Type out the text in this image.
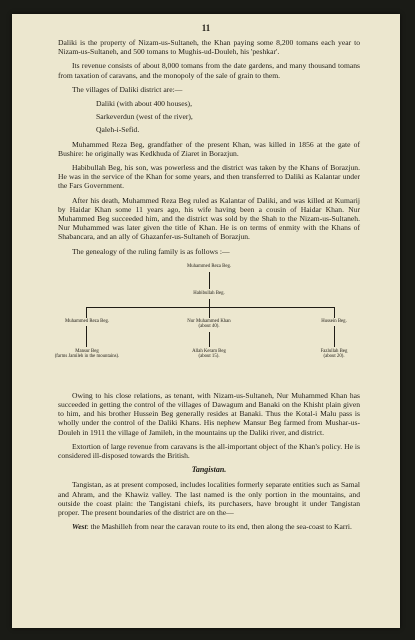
11

Daliki is the property of Nizam-us-Sultaneh, the Khan paying some 8,200 tomans each year to Nizam-us-Sultaneh, and 500 tomans to Mughis-ud-Douleh, his 'peshkar'.

Its revenue consists of about 8,000 tomans from the date gardens, and many thousand tomans from taxation of caravans, and the monopoly of the sale of grain to them.

The villages of Daliki district are:—

Daliki (with about 400 houses),
Sarkeverdun (west of the river),
Qaleh-i-Sefid.

Muhammed Reza Beg, grandfather of the present Khan, was killed in 1856 at the gate of Bushire: he originally was Kedkhuda of Ziaret in Borazjun.

Habibullah Beg, his son, was powerless and the district was taken by the Khans of Borazjun. He was in the service of the Khan for some years, and then transferred to Daliki as Kalantar under the Fars Government.

After his death, Muhammed Reza Beg ruled as Kalantar of Daliki, and was killed at Kumarij by Haidar Khan some 11 years ago, his wife having been a cousin of Haidar Khan. Nur Muhammed Beg succeeded him, and the district was sold by the Shah to the Nizam-us-Sultaneh. Nur Muhammed was later given the title of Khan. He is on terms of enmity with the Khans of Shabancara, and an ally of Ghazanfer-us-Sultaneh of Borazjun.

The genealogy of the ruling family is as follows :—

Muhammed Reza Beg.
Habibullah Beg.
Muhammed Reza Beg.	Nur Muhammed Khan
(about 40).
Hussein Beg.
Mansur Beg
(farms Jamileh in the mountains).
Allah Keram Beg
(about 15).
Fazlullah Beg
(about 20).

Owing to his close relations, as tenant, with Nizam-us-Sultaneh, Nur Muhammed Khan has succeeded in getting the control of the villages of Dawagum and Banaki on the Khisht plain given to him, and his brother Hussein Beg generally resides at Banaki. Thus the Kotal-i Malu pass is wholly under the control of the Daliki Khans. His nephew Mansur Beg farmed from Mushar-us-Douleh in 1911 the village of Jamileh, in the mountains up the Daliki river, and district.

Extortion of large revenue from caravans is the all-important object of the Khan's policy. He is considered ill-disposed towards the British.

Tangistan.

Tangistan, as at present composed, includes localities formerly separate entities such as Samal and Ahram, and the Khawiz valley. The last named is the only portion in the mountains, and outside the coast plain: the Tangistani chiefs, its purchasers, have brought it under Tangistan proper. The present boundaries of the district are on the—

West: the Mashilleh from near the caravan route to its end, then along the sea-coast to Karri.
